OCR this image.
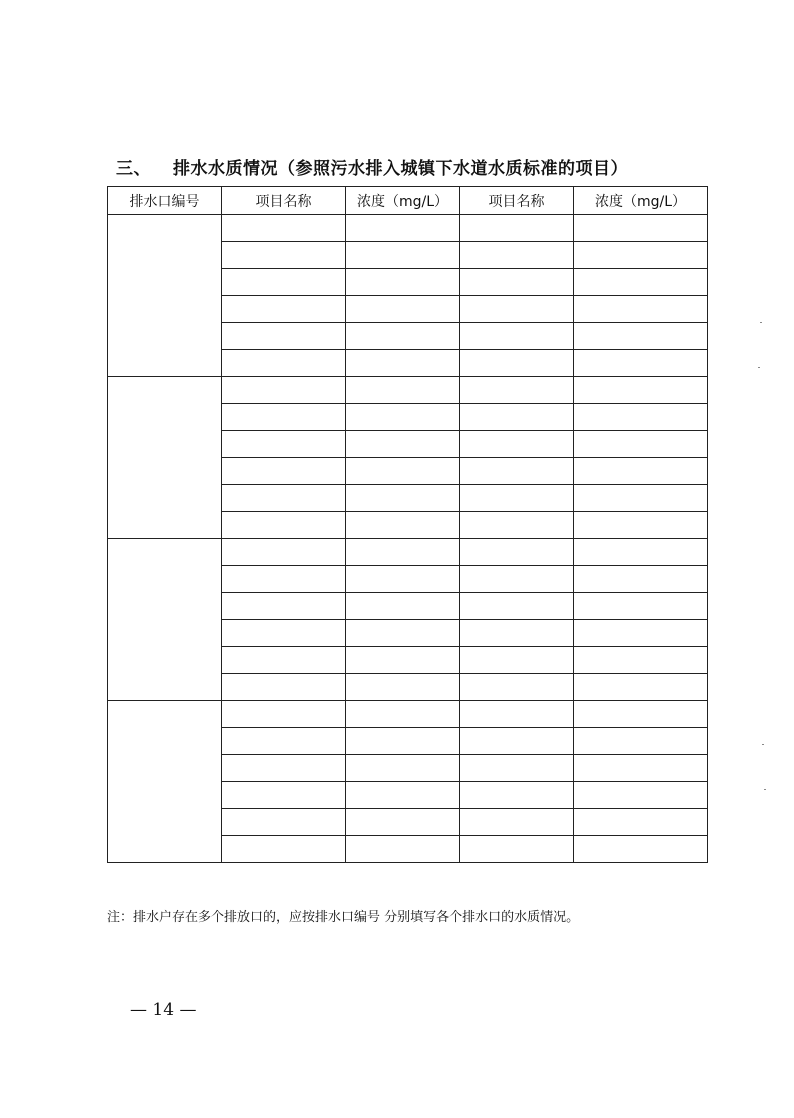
三、 排水水质情况（参照污水排入城镇下水道水质标准的项目）
排水口编号	项目名称	浓度（mg/L）	项目名称	浓度（mg/L）

注：排水户存在多个排放口的，应按排水口编号 分别填写各个排水口的水质情况。
— 14 —
